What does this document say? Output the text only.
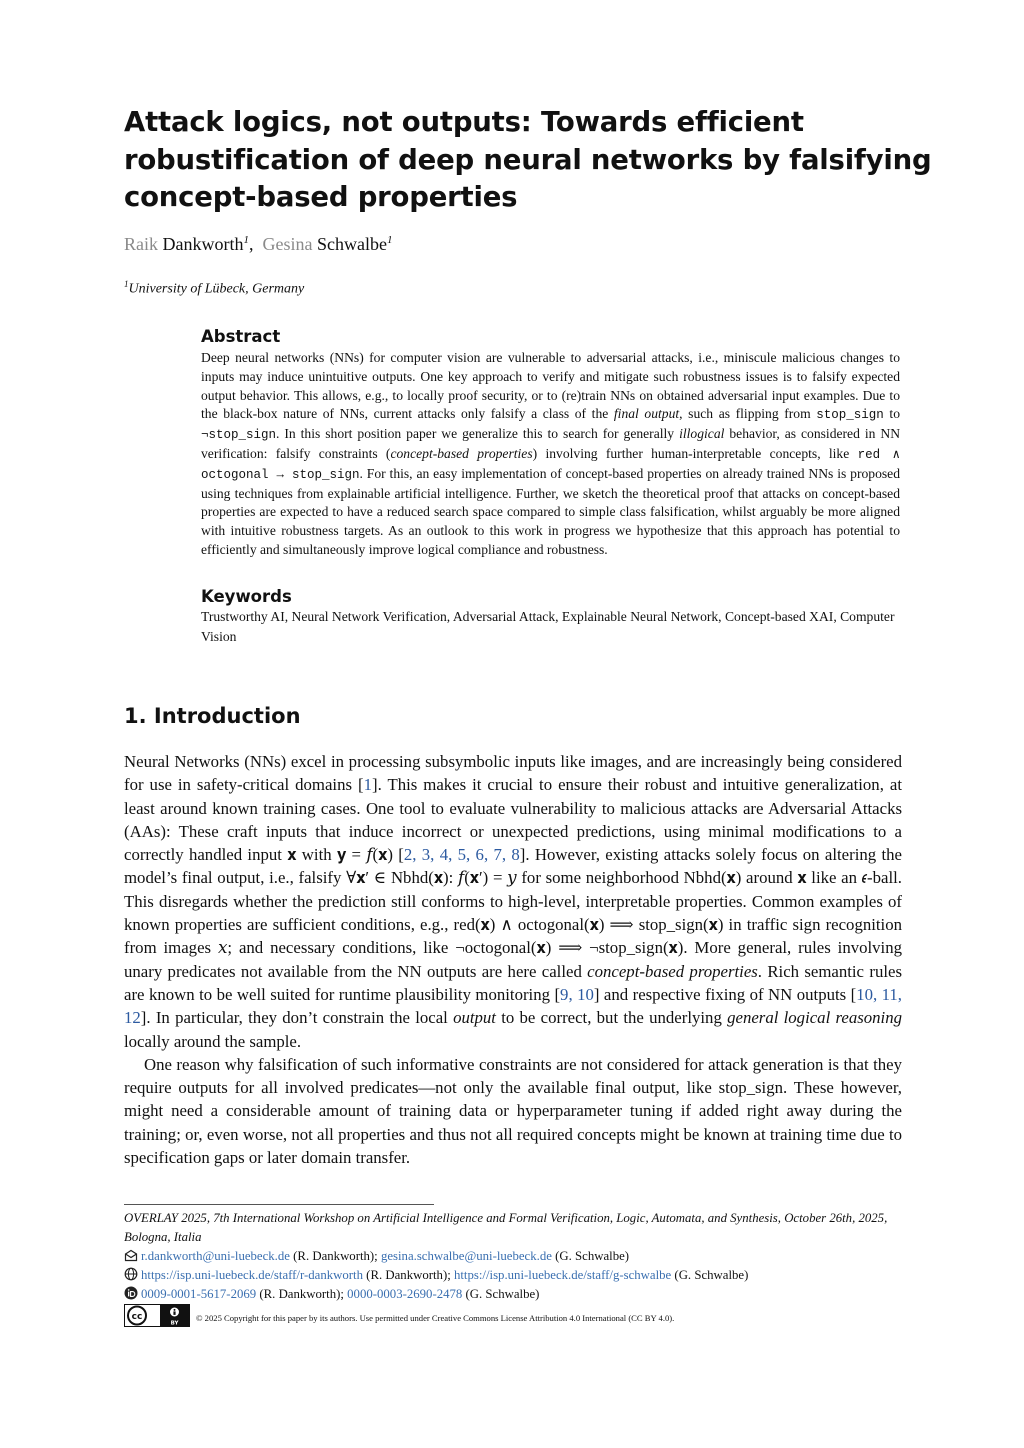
Attack logics, not outputs: Towards efficient
robustification of deep neural networks by falsifying
concept-based properties
Raik Dankworth$^1$,  Gesina Schwalbe$^1$
$^1$University of Lübeck, Germany
Abstract
Deep neural networks (NNs) for computer vision are vulnerable to adversarial attacks, i.e., miniscule malicious changes to inputs may induce unintuitive outputs. One key approach to verify and mitigate such robustness issues is to falsify expected output behavior. This allows, e.g., to locally proof security, or to (re)train NNs on obtained adversarial input examples. Due to the black-box nature of NNs, current attacks only falsify a class of the final output, such as flipping from stop_sign to ¬stop_sign. In this short position paper we generalize this to search for generally illogical behavior, as considered in NN verification: falsify constraints (concept-based properties) involving further human-interpretable concepts, like red ∧ octogonal → stop_sign. For this, an easy implementation of concept-based properties on already trained NNs is proposed using techniques from explainable artificial intelligence. Further, we sketch the theoretical proof that attacks on concept-based properties are expected to have a reduced search space compared to simple class falsification, whilst arguably be more aligned with intuitive robustness targets. As an outlook to this work in progress we hypothesize that this approach has potential to efficiently and simultaneously improve logical compliance and robustness.
Keywords
Trustworthy AI, Neural Network Verification, Adversarial Attack, Explainable Neural Network, Concept-based XAI, Computer Vision
1. Introduction

Neural Networks (NNs) excel in processing subsymbolic inputs like images, and are increasingly being considered for use in safety-critical domains [1]. This makes it crucial to ensure their robust and intuitive generalization, at least around known training cases. One tool to evaluate vulnerability to malicious attacks are Adversarial Attacks (AAs): These craft inputs that induce incorrect or unexpected predictions, using minimal modifications to a correctly handled input 𝐱 with 𝐲 = 𝑓(𝐱) [2, 3, 4, 5, 6, 7, 8]. However, existing attacks solely focus on altering the model’s final output, i.e., falsify ∀𝐱′ ∈ Nbhd(𝐱): 𝑓(𝐱′) = 𝑦 for some neighborhood Nbhd(𝐱) around 𝐱 like an 𝜖-ball. This disregards whether the prediction still conforms to high-level, interpretable properties. Common examples of known properties are sufficient conditions, e.g., red(𝐱) ∧ octogonal(𝐱) ⟹ stop_sign(𝐱) in traffic sign recognition from images 𝑥; and necessary conditions, like ¬octogonal(𝐱) ⟹ ¬stop_sign(𝐱). More general, rules involving unary predicates not available from the NN outputs are here called concept-based properties. Rich semantic rules are known to be well suited for runtime plausibility monitoring [9, 10] and respective fixing of NN outputs [10, 11, 12]. In particular, they don’t constrain the local output to be correct, but the underlying general logical reasoning locally around the sample.

One reason why falsification of such informative constraints are not considered for attack generation is that they require outputs for all involved predicates—not only the available final output, like stop_sign. These however, might need a considerable amount of training data or hyperparameter tuning if added right away during the training; or, even worse, not all properties and thus not all required concepts might be known at training time due to specification gaps or later domain transfer.

OVERLAY 2025, 7th International Workshop on Artificial Intelligence and Formal Verification, Logic, Automata, and Synthesis, October 26th, 2025, Bologna, Italia
r.dankworth@uni-luebeck.de (R. Dankworth); gesina.schwalbe@uni-luebeck.de (G. Schwalbe)
https://isp.uni-luebeck.de/staff/r-dankworth (R. Dankworth); https://isp.uni-luebeck.de/staff/g-schwalbe (G. Schwalbe)
0009-0001-5617-2069 (R. Dankworth); 0000-0003-2690-2478 (G. Schwalbe)
cc
BY
© 2025 Copyright for this paper by its authors. Use permitted under Creative Commons License Attribution 4.0 International (CC BY 4.0).
